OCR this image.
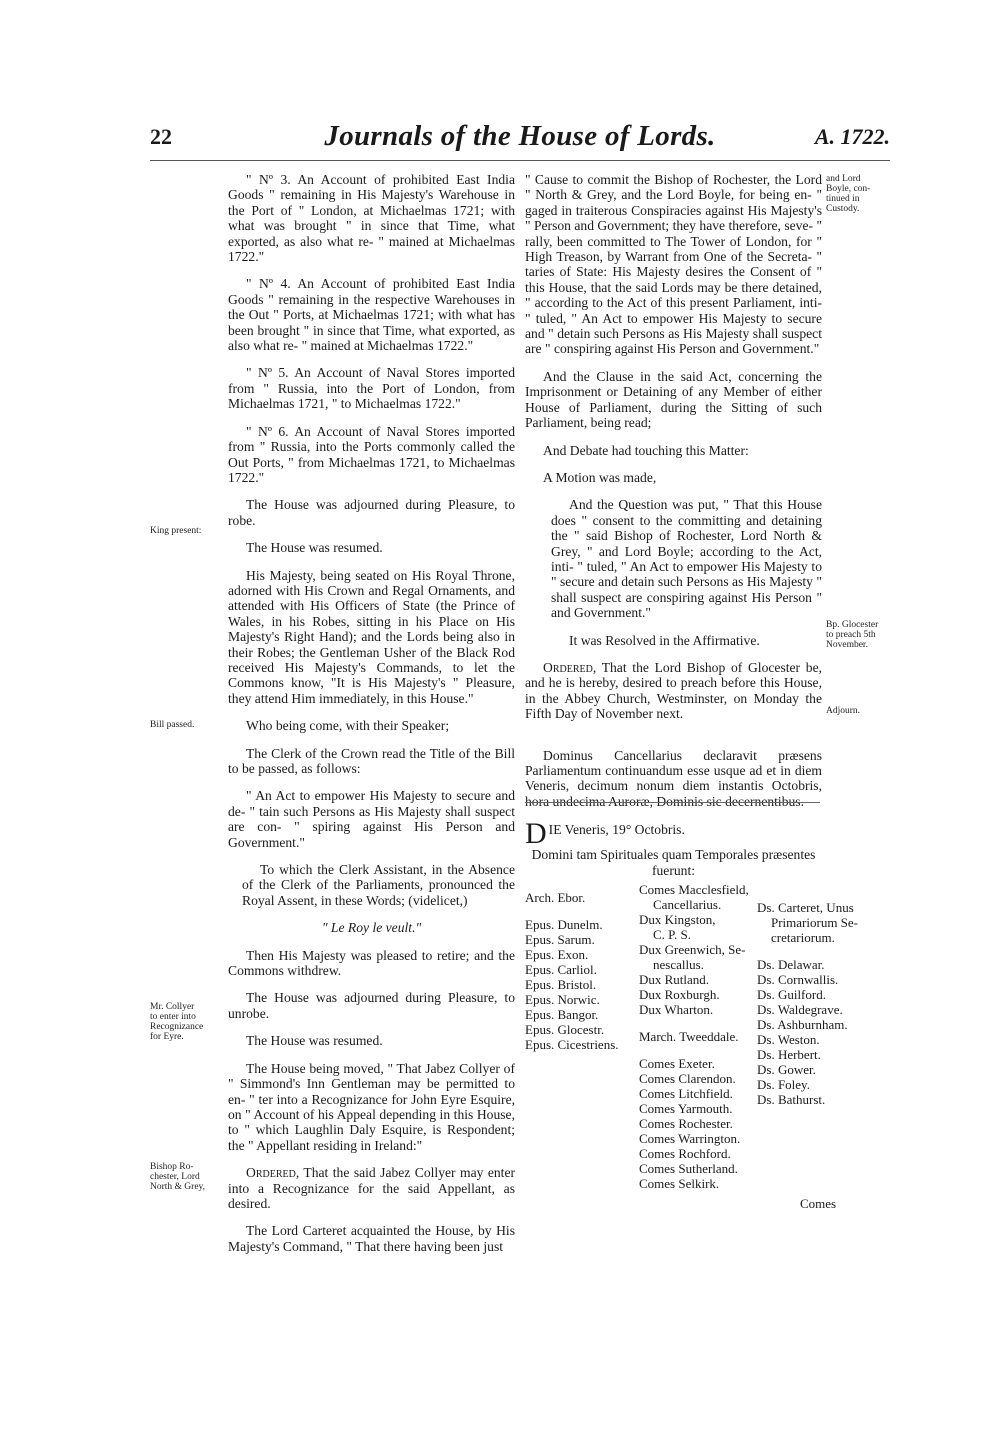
22	Journals of the House of Lords.	A. 1722.

" Nº 3. An Account of prohibited East India Goods " remaining in His Majesty's Warehouse in the Port of " London, at Michaelmas 1721; with what was brought " in since that Time, what exported, as also what re- " mained at Michaelmas 1722."

" Nº 4. An Account of prohibited East India Goods " remaining in the respective Warehouses in the Out " Ports, at Michaelmas 1721; with what has been brought " in since that Time, what exported, as also what re- " mained at Michaelmas 1722."

" Nº 5. An Account of Naval Stores imported from " Russia, into the Port of London, from Michaelmas 1721, " to Michaelmas 1722."

" Nº 6. An Account of Naval Stores imported from " Russia, into the Ports commonly called the Out Ports, " from Michaelmas 1721, to Michaelmas 1722."

The House was adjourned during Pleasure, to robe.

The House was resumed.

His Majesty, being seated on His Royal Throne, adorned with His Crown and Regal Ornaments, and attended with His Officers of State (the Prince of Wales, in his Robes, sitting in his Place on His Majesty's Right Hand); and the Lords being also in their Robes; the Gentleman Usher of the Black Rod received His Majesty's Commands, to let the Commons know, "It is His Majesty's " Pleasure, they attend Him immediately, in this House."

Who being come, with their Speaker;

The Clerk of the Crown read the Title of the Bill to be passed, as follows:

" An Act to empower His Majesty to secure and de- " tain such Persons as His Majesty shall suspect are con- " spiring against His Person and Government."

To which the Clerk Assistant, in the Absence of the Clerk of the Parliaments, pronounced the Royal Assent, in these Words; (videlicet,)

" Le Roy le veult."

Then His Majesty was pleased to retire; and the Commons withdrew.

The House was adjourned during Pleasure, to unrobe.

The House was resumed.

The House being moved, " That Jabez Collyer of " Simmond's Inn Gentleman may be permitted to en- " ter into a Recognizance for John Eyre Esquire, on " Account of his Appeal depending in this House, to " which Laughlin Daly Esquire, is Respondent; the " Appellant residing in Ireland:"

Ordered, That the said Jabez Collyer may enter into a Recognizance for the said Appellant, as desired.

The Lord Carteret acquainted the House, by His Majesty's Command, " That there having been just

King present:
Bill passed.
Mr. Collyer
to enter into
Recognizance
for Eyre.
Bishop Ro-
chester, Lord
North & Grey,

" Cause to commit the Bishop of Rochester, the Lord " North & Grey, and the Lord Boyle, for being en- " gaged in traiterous Conspiracies against His Majesty's " Person and Government; they have therefore, seve- " rally, been committed to The Tower of London, for " High Treason, by Warrant from One of the Secreta- " taries of State: His Majesty desires the Consent of " this House, that the said Lords may be there detained, " according to the Act of this present Parliament, inti- " tuled, " An Act to empower His Majesty to secure and " detain such Persons as His Majesty shall suspect are " conspiring against His Person and Government."

And the Clause in the said Act, concerning the Imprisonment or Detaining of any Member of either House of Parliament, during the Sitting of such Parliament, being read;

And Debate had touching this Matter:

A Motion was made,

And the Question was put, " That this House does " consent to the committing and detaining the " said Bishop of Rochester, Lord North & Grey, " and Lord Boyle; according to the Act, inti- " tuled, " An Act to empower His Majesty to " secure and detain such Persons as His Majesty " shall suspect are conspiring against His Person " and Government."

It was Resolved in the Affirmative.

Ordered, That the Lord Bishop of Glocester be, and he is hereby, desired to preach before this House, in the Abbey Church, Westminster, on Monday the Fifth Day of November next.

Dominus Cancellarius declaravit præsens Parliamentum continuandum esse usque ad et in diem Veneris, decimum nonum diem instantis Octobris, hora undecima Auroræ, Dominis sic decernentibus.

DIE Veneris, 19° Octobris.

Domini tam Spirituales quam Temporales præsentes fuerunt:

Arch. Ebor.
Epus. Dunelm.
Epus. Sarum.
Epus. Exon.
Epus. Carliol.
Epus. Bristol.
Epus. Norwic.
Epus. Bangor.
Epus. Glocestr.
Epus. Cicestriens.
Comes Macclesfield,
Cancellarius.
Dux Kingston,
C. P. S.
Dux Greenwich, Se-
nescallus.
Dux Rutland.
Dux Roxburgh.
Dux Wharton.
March. Tweeddale.
Comes Exeter.
Comes Clarendon.
Comes Litchfield.
Comes Yarmouth.
Comes Rochester.
Comes Warrington.
Comes Rochford.
Comes Sutherland.
Comes Selkirk.
Ds. Carteret, Unus
Primariorum Se-
cretariorum.
Ds. Delawar.
Ds. Cornwallis.
Ds. Guilford.
Ds. Waldegrave.
Ds. Ashburnham.
Ds. Weston.
Ds. Herbert.
Ds. Gower.
Ds. Foley.
Ds. Bathurst.
and Lord
Boyle, con-
tinued in
Custody.
Bp. Glocester
to preach 5th
November.
Adjourn.
Comes
